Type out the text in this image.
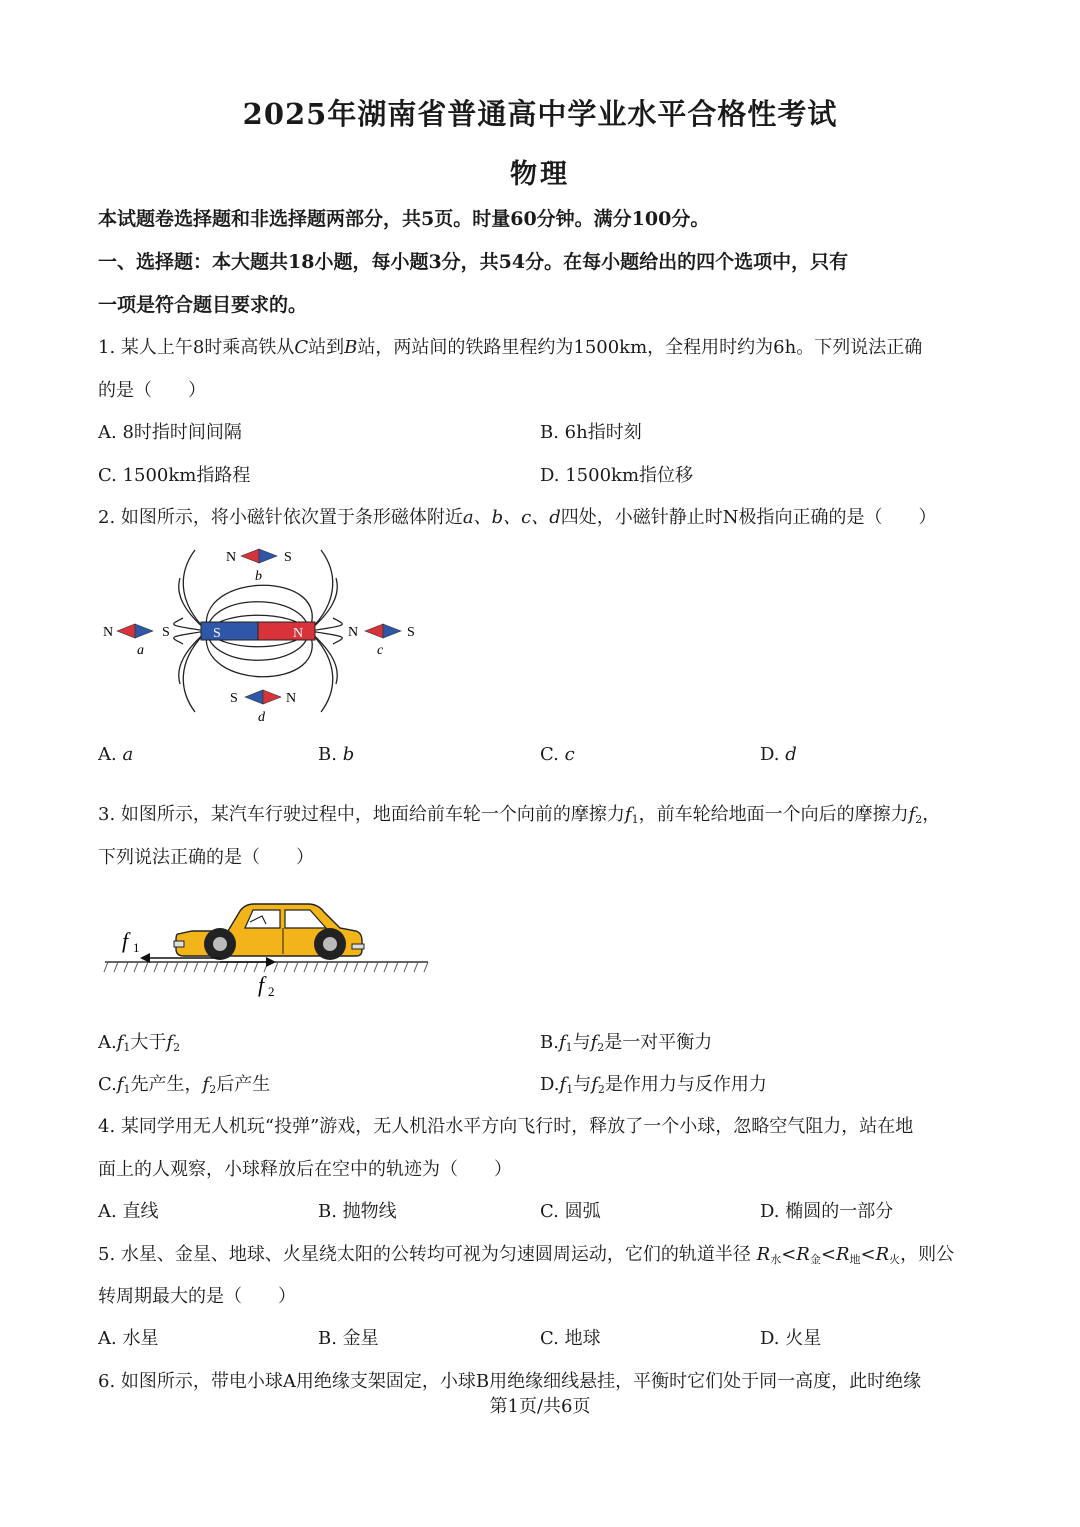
2025年湖南省普通高中学业水平合格性考试
物理
本试题卷选择题和非选择题两部分，共5页。时量60分钟。满分100分。
一、选择题：本大题共18小题，每小题3分，共54分。在每小题给出的四个选项中，只有
一项是符合题目要求的。
1. 某人上午8时乘高铁从C站到B站，两站间的铁路里程约为1500km，全程用时约为6h。下列说法正确
的是（　　）
A. 8时指时间间隔	B. 6h指时刻
C. 1500km指路程	D. 1500km指位移
2. 如图所示，将小磁针依次置于条形磁体附近a、b、c、d四处，小磁针静止时N极指向正确的是（　　）
S	N
N	S
b
N	S
a
N	S
c
S	N
d
A. a	B. b	C. c	D. d
3. 如图所示，某汽车行驶过程中，地面给前车轮一个向前的摩擦力$f_1$，前车轮给地面一个向后的摩擦力$f_2$，
下列说法正确的是（　　）
f 1
f 2
$A.f_1$大于$f_2$	$B.f_1$与$f_2$是一对平衡力
$C.f_1$先产生，$f_2$后产生	$D.f_1$与$f_2$是作用力与反作用力
4. 某同学用无人机玩“投弹”游戏，无人机沿水平方向飞行时，释放了一个小球，忽略空气阻力，站在地
面上的人观察，小球释放后在空中的轨迹为（　　）
A. 直线	B. 抛物线	C. 圆弧	D. 椭圆的一部分
5. 水星、金星、地球、火星绕太阳的公转均可视为匀速圆周运动，它们的轨道半径 $R_水<R_金<R_地<R_火$，则公
转周期最大的是（　　）
A. 水星	B. 金星	C. 地球	D. 火星
6. 如图所示，带电小球A用绝缘支架固定，小球B用绝缘细线悬挂，平衡时它们处于同一高度，此时绝缘
第1页/共6页
